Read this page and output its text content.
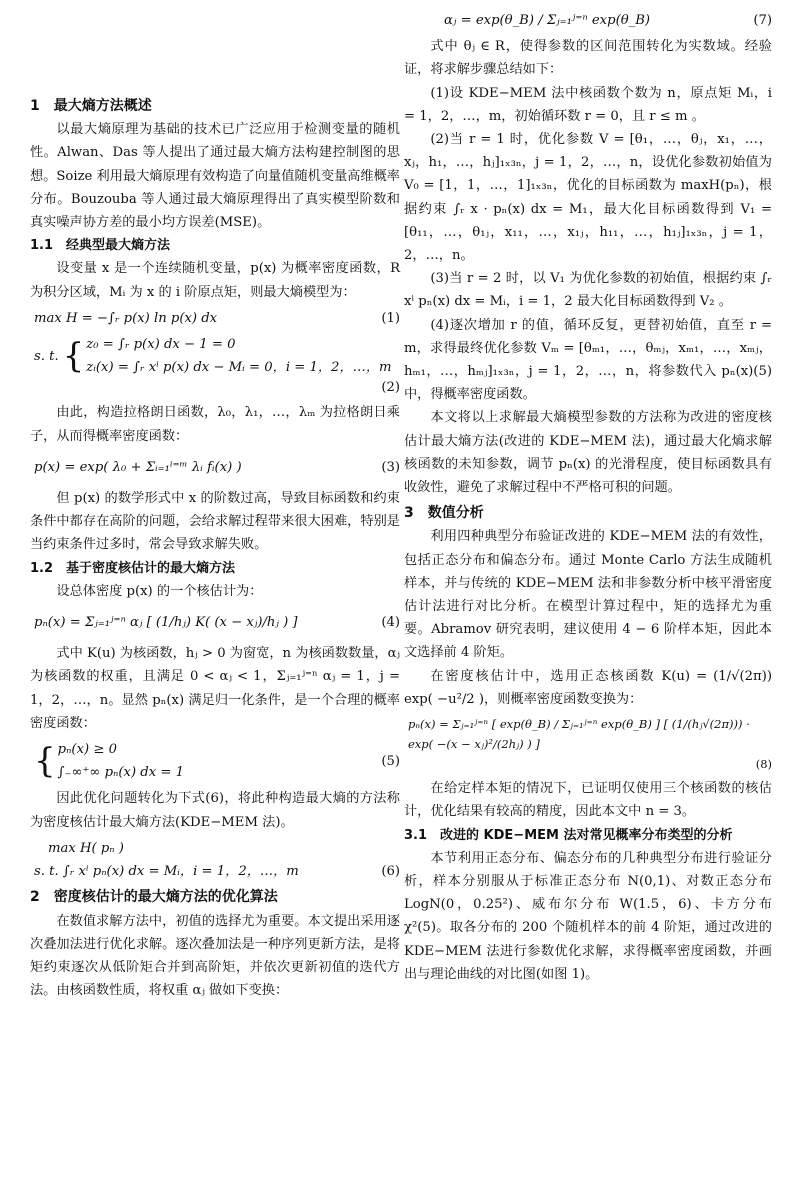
1　最大熵方法概述

以最大熵原理为基础的技术已广泛应用于检测变量的随机性。Alwan、Das 等人提出了通过最大熵方法构建控制图的思想。Soize 利用最大熵原理有效构造了向量值随机变量高维概率分布。Bouzouba 等人通过最大熵原理得出了真实模型阶数和真实噪声协方差的最小均方误差(MSE)。

1.1　经典型最大熵方法

设变量 x 是一个连续随机变量，p(x) 为概率密度函数，R 为积分区域，Mᵢ 为 x 的 i 阶原点矩，则最大熵模型为：

max H = −∫ᵣ p(x) ln p(x) dx	(1)
s. t. { z₀ = ∫ᵣ p(x) dx − 1 = 0
zᵢ(x) = ∫ᵣ xⁱ p(x) dx − Mᵢ = 0，i = 1，2，…，m
(2)

由此，构造拉格朗日函数，λ₀，λ₁，…，λₘ 为拉格朗日乘子，从而得概率密度函数：

p(x) = exp( λ₀ + Σᵢ₌₁ⁱ⁼ᵐ λᵢ fᵢ(x) )	(3)

但 p(x) 的数学形式中 x 的阶数过高，导致目标函数和约束条件中都存在高阶的问题，会给求解过程带来很大困难，特别是当约束条件过多时，常会导致求解失败。

1.2　基于密度核估计的最大熵方法

设总体密度 p(x) 的一个核估计为：

pₙ(x) = Σⱼ₌₁ʲ⁼ⁿ αⱼ [ (1/hⱼ) K( (x − xⱼ)/hⱼ ) ]	(4)

式中 K(u) 为核函数，hⱼ > 0 为窗宽，n 为核函数数量，αⱼ 为核函数的权重，且满足 0 < αⱼ < 1，Σⱼ₌₁ʲ⁼ⁿ αⱼ = 1，j = 1，2，…，n。显然 pₙ(x) 满足归一化条件，是一个合理的概率密度函数：

{ pₙ(x) ≥ 0
∫₋∞⁺∞ pₙ(x) dx = 1
(5)

因此优化问题转化为下式(6)，将此种构造最大熵的方法称为密度核估计最大熵方法(KDE−MEM 法)。

max H( pₙ )
s. t. ∫ᵣ xⁱ pₙ(x) dx = Mᵢ，i = 1，2，…，m	(6)

2　密度核估计的最大熵方法的优化算法

在数值求解方法中，初值的选择尤为重要。本文提出采用逐次叠加法进行优化求解。逐次叠加法是一种序列更新方法，是将矩约束逐次从低阶矩合并到高阶矩，并依次更新初值的迭代方法。由核函数性质，将权重 αⱼ 做如下变换：

αⱼ = exp(θ_B) / Σⱼ₌₁ʲ⁼ⁿ exp(θ_B)	(7)

式中 θⱼ ∈ R，使得参数的区间范围转化为实数域。经验证，将求解步骤总结如下：

(1)设 KDE−MEM 法中核函数个数为 n，原点矩 Mᵢ，i = 1，2，…，m，初始循环数 r = 0，且 r ≤ m 。

(2)当 r = 1 时，优化参数 V = [θ₁，…，θⱼ，x₁，…，xⱼ，h₁，…，hⱼ]₁ₓ₃ₙ，j = 1，2，…，n，设优化参数初始值为 V₀ = [1，1，…，1]₁ₓ₃ₙ，优化的目标函数为 maxH(pₙ)，根据约束 ∫ᵣ x · pₙ(x) dx = M₁，最大化目标函数得到 V₁ = [θ₁₁，…，θ₁ⱼ，x₁₁，…，x₁ⱼ，h₁₁，…，h₁ⱼ]₁ₓ₃ₙ，j = 1，2，…，n。

(3)当 r = 2 时，以 V₁ 为优化参数的初始值，根据约束 ∫ᵣ xⁱ pₙ(x) dx = Mᵢ，i = 1，2 最大化目标函数得到 V₂ 。

(4)逐次增加 r 的值，循环反复，更替初始值，直至 r = m，求得最终优化参数 Vₘ = [θₘ₁，…，θₘⱼ，xₘ₁，…，xₘⱼ，hₘ₁，…，hₘⱼ]₁ₓ₃ₙ，j = 1，2，…，n，将参数代入 pₙ(x)(5) 中，得概率密度函数。

本文将以上求解最大熵模型参数的方法称为改进的密度核估计最大熵方法(改进的 KDE−MEM 法)，通过最大化熵求解核函数的未知参数，调节 pₙ(x) 的光滑程度，使目标函数具有收敛性，避免了求解过程中不严格可积的问题。

3　数值分析

利用四种典型分布验证改进的 KDE−MEM 法的有效性，包括正态分布和偏态分布。通过 Monte Carlo 方法生成随机样本，并与传统的 KDE−MEM 法和非参数分析中核平滑密度估计法进行对比分析。在模型计算过程中，矩的选择尤为重要。Abramov 研究表明，建议使用 4 − 6 阶样本矩，因此本文选择前 4 阶矩。

在密度核估计中，选用正态核函数 K(u) = (1/√(2π)) exp( −u²/2 )，则概率密度函数变换为：

pₙ(x) = Σⱼ₌₁ʲ⁼ⁿ [ exp(θ_B) / Σⱼ₌₁ʲ⁼ⁿ exp(θ_B) ] [ (1/(hⱼ√(2π))) · exp( −(x − xⱼ)²/(2hⱼ) ) ]
(8)

在给定样本矩的情况下，已证明仅使用三个核函数的核估计，优化结果有较高的精度，因此本文中 n = 3。

3.1　改进的 KDE−MEM 法对常见概率分布类型的分析

本节利用正态分布、偏态分布的几种典型分布进行验证分析，样本分别服从于标准正态分布 N(0,1)、对数正态分布 LogN(0，0.25²)、威布尔分布 W(1.5，6)、卡方分布 χ²(5)。取各分布的 200 个随机样本的前 4 阶矩，通过改进的 KDE−MEM 法进行参数优化求解，求得概率密度函数，并画出与理论曲线的对比图(如图 1)。
